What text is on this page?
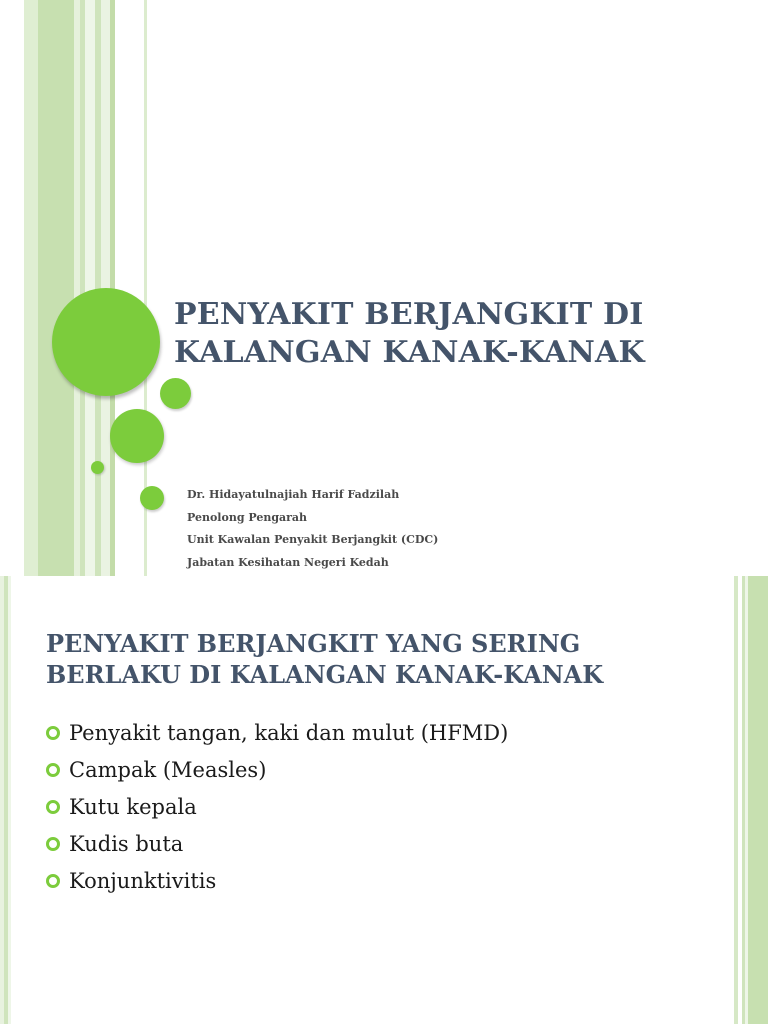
PENYAKIT BERJANGKIT DI
KALANGAN KANAK-KANAK
Dr. Hidayatulnajiah Harif Fadzilah
Penolong Pengarah
Unit Kawalan Penyakit Berjangkit (CDC)
Jabatan Kesihatan Negeri Kedah
PENYAKIT BERJANGKIT YANG SERING
BERLAKU DI KALANGAN KANAK-KANAK
Penyakit tangan, kaki dan mulut (HFMD)
Campak (Measles)
Kutu kepala
Kudis buta
Konjunktivitis
